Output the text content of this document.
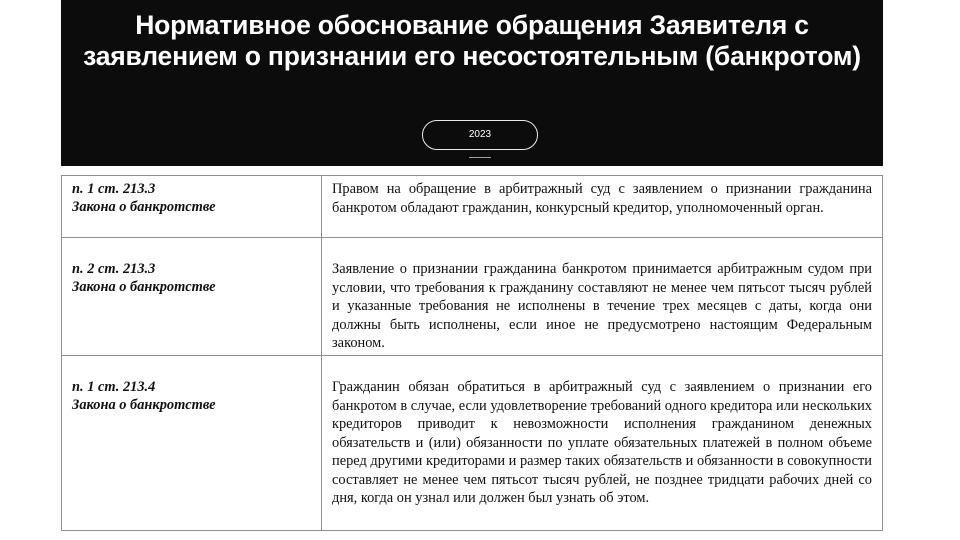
Нормативное обоснование обращения Заявителя с заявлением о признании его несостоятельным (банкротом)
2023
п. 1 ст. 213.3
Закона о банкротстве	Правом на обращение в арбитражный суд с заявлением о признании гражданина банкротом обладают гражданин, конкурсный кредитор, уполномоченный орган.

п. 2 ст. 213.3
Закона о банкротстве	Заявление о признании гражданина банкротом принимается арбитражным судом при условии, что требования к гражданину составляют не менее чем пятьсот тысяч рублей и указанные требования не исполнены в течение трех месяцев с даты, когда они должны быть исполнены, если иное не предусмотрено настоящим Федеральным законом.

п. 1 ст. 213.4
Закона о банкротстве	Гражданин обязан обратиться в арбитражный суд с заявлением о признании его банкротом в случае, если удовлетворение требований одного кредитора или нескольких кредиторов приводит к невозможности исполнения гражданином денежных обязательств и (или) обязанности по уплате обязательных платежей в полном объеме перед другими кредиторами и размер таких обязательств и обязанности в совокупности составляет не менее чем пятьсот тысяч рублей, не позднее тридцати рабочих дней со дня, когда он узнал или должен был узнать об этом.
